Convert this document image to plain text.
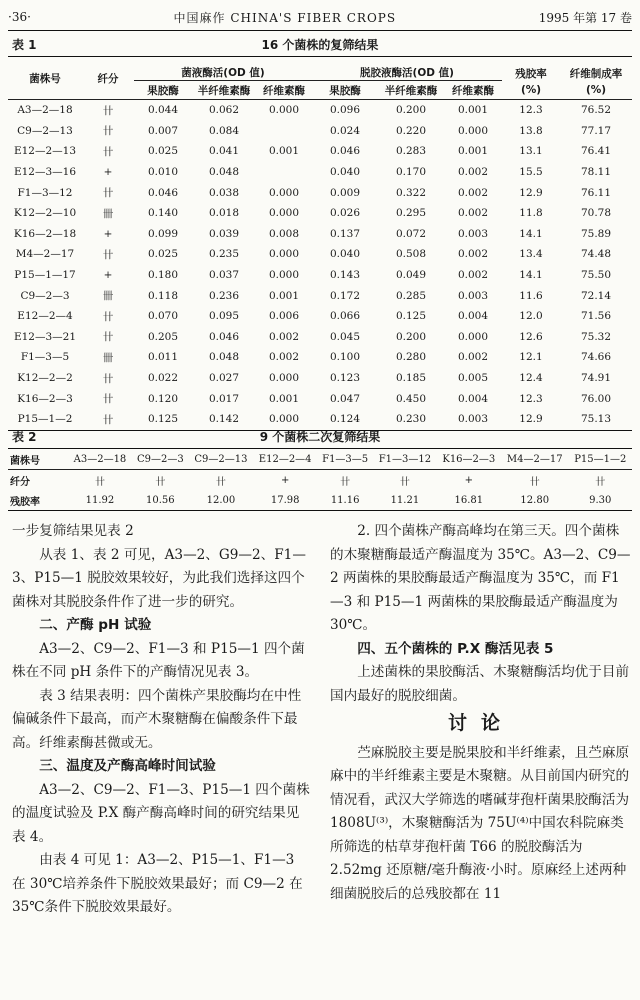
·36·	中国麻作 CHINA'S FIBER CROPS	1995 年第 17 卷
表 1	16 个菌株的复筛结果
菌株号	纤分	菌液酶活(OD 值)			脱胶液酶活(OD 值)			残胶率	纤维制成率
		果胶酶	半纤维素酶	纤维素酶	果胶酶	半纤维素酶	纤维素酶	(%)	(%)
A3—2—18	卄	0.044	0.062	0.000	0.096	0.200	0.001	12.3	76.52
C9—2—13	卄	0.007	0.084		0.024	0.220	0.000	13.8	77.17
E12—2—13	卄	0.025	0.041	0.001	0.046	0.283	0.001	13.1	76.41
E12—3—16	+	0.010	0.048		0.040	0.170	0.002	15.5	78.11
F1—3—12	卄	0.046	0.038	0.000	0.009	0.322	0.002	12.9	76.11
K12—2—10	卌	0.140	0.018	0.000	0.026	0.295	0.002	11.8	70.78
K16—2—18	+	0.099	0.039	0.008	0.137	0.072	0.003	14.1	75.89
M4—2—17	卄	0.025	0.235	0.000	0.040	0.508	0.002	13.4	74.48
P15—1—17	+	0.180	0.037	0.000	0.143	0.049	0.002	14.1	75.50
C9—2—3	卌	0.118	0.236	0.001	0.172	0.285	0.003	11.6	72.14
E12—2—4	卄	0.070	0.095	0.006	0.066	0.125	0.004	12.0	71.56
E12—3—21	卄	0.205	0.046	0.002	0.045	0.200	0.000	12.6	75.32
F1—3—5	卌	0.011	0.048	0.002	0.100	0.280	0.002	12.1	74.66
K12—2—2	卄	0.022	0.027	0.000	0.123	0.185	0.005	12.4	74.91
K16—2—3	卄	0.120	0.017	0.001	0.047	0.450	0.004	12.3	76.00
P15—1—2	卄	0.125	0.142	0.000	0.124	0.230	0.003	12.9	75.13
表 2	9 个菌株二次复筛结果
菌株号	A3—2—18	C9—2—3	C9—2—13	E12—2—4	F1—3—5	F1—3—12	K16—2—3	M4—2—17	P15—1—2
纤分	卄	卄	卄	+	卄	卄	+	卄	卄
残胶率	11.92	10.56	12.00	17.98	11.16	11.21	16.81	12.80	9.30

一步复筛结果见表 2

从表 1、表 2 可见，A3—2、G9—2、F1—3、P15—1 脱胶效果较好，为此我们选择这四个菌株对其脱胶条件作了进一步的研究。

二、产酶 pH 试验

A3—2、C9—2、F1—3 和 P15—1 四个菌株在不同 pH 条件下的产酶情况见表 3。

表 3 结果表明：四个菌株产果胶酶均在中性偏碱条件下最高，而产木聚糖酶在偏酸条件下最高。纤维素酶甚微或无。

三、温度及产酶高峰时间试验

A3—2、C9—2、F1—3、P15—1 四个菌株的温度试验及 P.X 酶产酶高峰时间的研究结果见表 4。

由表 4 可见 1：A3—2、P15—1、F1—3 在 30℃培养条件下脱胶效果最好；而 C9—2 在 35℃条件下脱胶效果最好。

2. 四个菌株产酶高峰均在第三天。四个菌株的木聚糖酶最适产酶温度为 35℃。A3—2、C9—2 两菌株的果胶酶最适产酶温度为 35℃，而 F1—3 和 P15—1 两菌株的果胶酶最适产酶温度为 30℃。

四、五个菌株的 P.X 酶活见表 5

上述菌株的果胶酶活、木聚糖酶活均优于目前国内最好的脱胶细菌。

讨论

苎麻脱胶主要是脱果胶和半纤维素，且苎麻原麻中的半纤维素主要是木聚糖。从目前国内研究的情况看，武汉大学筛选的嗜碱芽孢杆菌果胶酶活为 1808U⁽³⁾，木聚糖酶活为 75U⁽⁴⁾中国农科院麻类所筛选的枯草芽孢杆菌 T66 的脱胶酶活为 2.52mg 还原糖/毫升酶液·小时。原麻经上述两种细菌脱胶后的总残胶都在 11
